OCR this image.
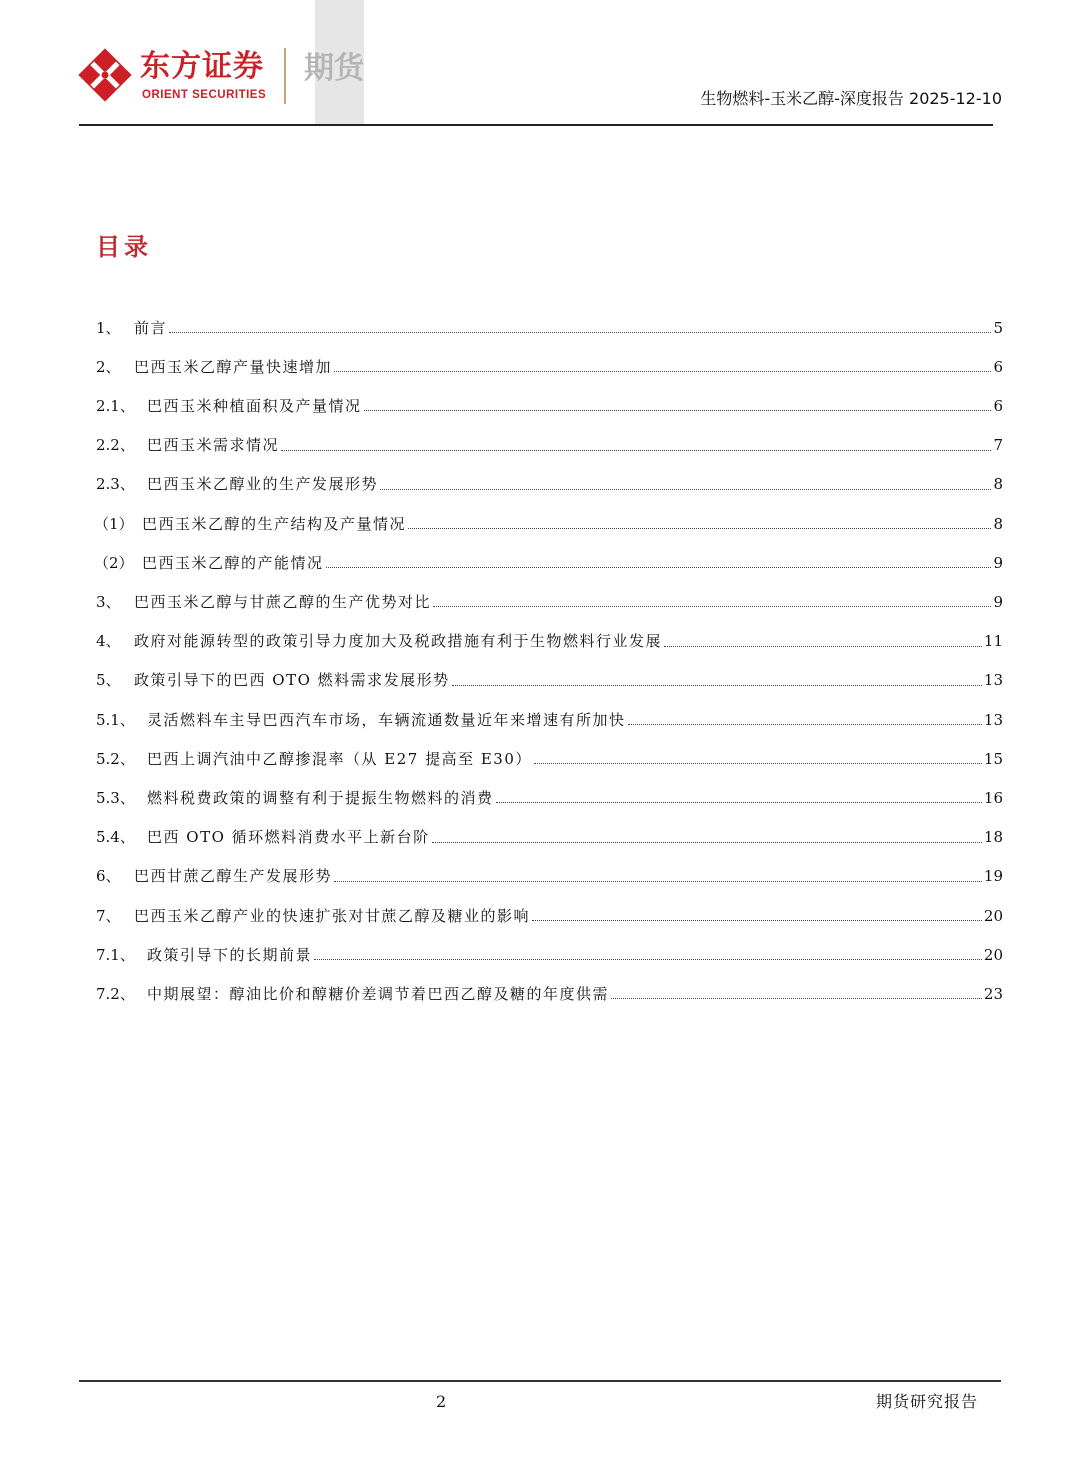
东方证券
ORIENT SECURITIES
期货
生物燃料-玉米乙醇-深度报告 2025-12-10
目录
1、 前言	5
2、 巴西玉米乙醇产量快速增加	6
2.1、 巴西玉米种植面积及产量情况	6
2.2、 巴西玉米需求情况	7
2.3、 巴西玉米乙醇业的生产发展形势	8
（1） 巴西玉米乙醇的生产结构及产量情况	8
（2） 巴西玉米乙醇的产能情况	9
3、 巴西玉米乙醇与甘蔗乙醇的生产优势对比	9
4、 政府对能源转型的政策引导力度加大及税政措施有利于生物燃料行业发展	11
5、 政策引导下的巴西 OTO 燃料需求发展形势	13
5.1、 灵活燃料车主导巴西汽车市场，车辆流通数量近年来增速有所加快	13
5.2、 巴西上调汽油中乙醇掺混率（从 E27 提高至 E30）	15
5.3、 燃料税费政策的调整有利于提振生物燃料的消费	16
5.4、 巴西 OTO 循环燃料消费水平上新台阶	18
6、 巴西甘蔗乙醇生产发展形势	19
7、 巴西玉米乙醇产业的快速扩张对甘蔗乙醇及糖业的影响	20
7.1、 政策引导下的长期前景	20
7.2、 中期展望：醇油比价和醇糖价差调节着巴西乙醇及糖的年度供需	23
2	期货研究报告
